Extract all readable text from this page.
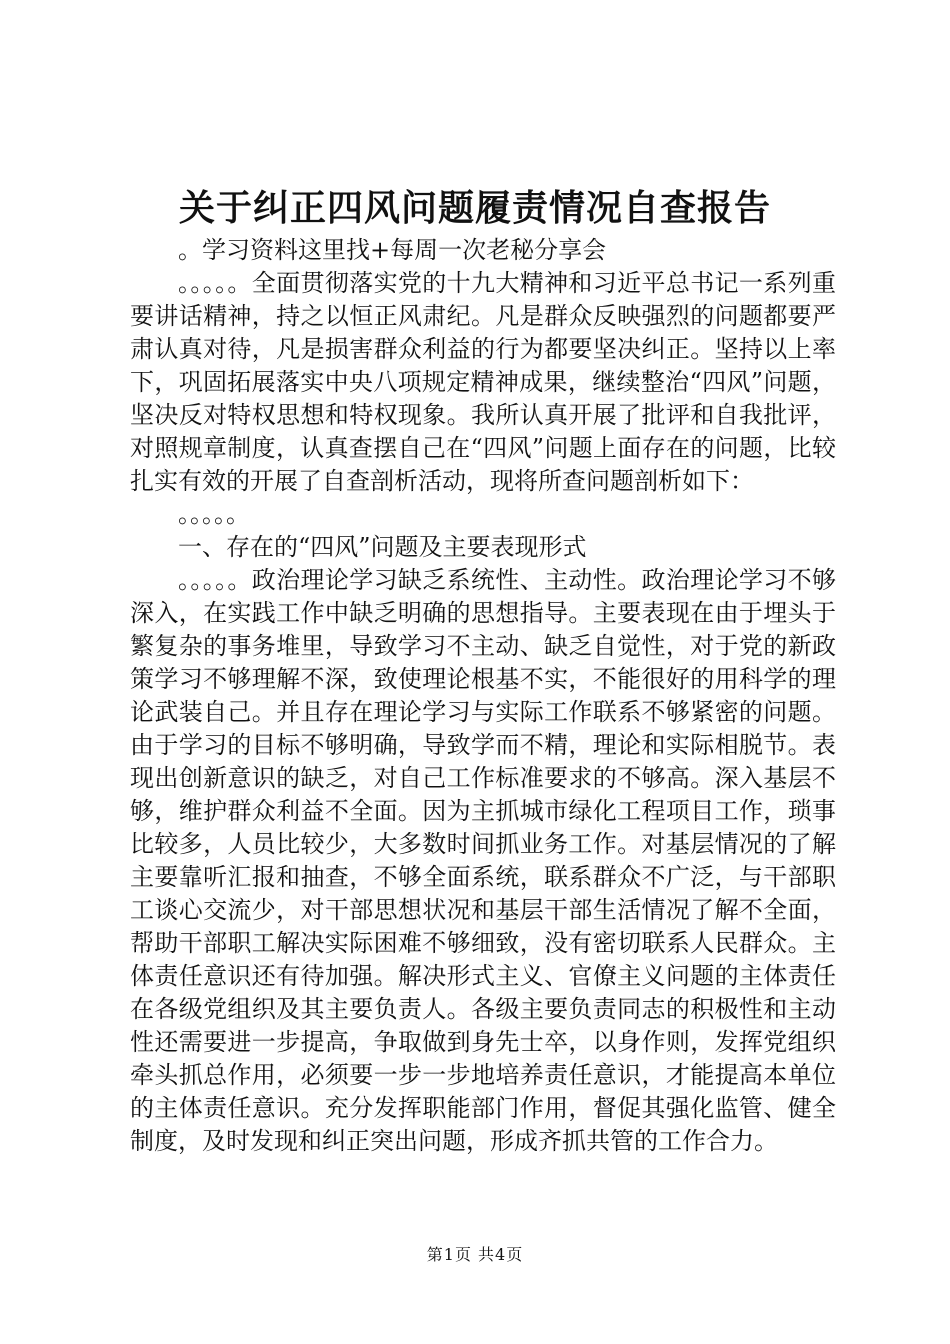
关于纠正四风问题履责情况自查报告

。学习资料这里找+每周一次老秘分享会

。。。。。全面贯彻落实党的十九大精神和习近平总书记一系列重要讲话精神，持之以恒正风肃纪。凡是群众反映强烈的问题都要严肃认真对待，凡是损害群众利益的行为都要坚决纠正。坚持以上率下，巩固拓展落实中央八项规定精神成果，继续整治“四风”问题，坚决反对特权思想和特权现象。我所认真开展了批评和自我批评，对照规章制度，认真查摆自己在“四风”问题上面存在的问题，比较扎实有效的开展了自查剖析活动，现将所查问题剖析如下：

。。。。。

一、存在的“四风”问题及主要表现形式

。。。。。政治理论学习缺乏系统性、主动性。政治理论学习不够深入，在实践工作中缺乏明确的思想指导。主要表现在由于埋头于繁复杂的事务堆里，导致学习不主动、缺乏自觉性，对于党的新政策学习不够理解不深，致使理论根基不实，不能很好的用科学的理论武装自己。并且存在理论学习与实际工作联系不够紧密的问题。由于学习的目标不够明确，导致学而不精，理论和实际相脱节。表现出创新意识的缺乏，对自己工作标准要求的不够高。深入基层不够，维护群众利益不全面。因为主抓城市绿化工程项目工作，琐事比较多，人员比较少，大多数时间抓业务工作。对基层情况的了解主要靠听汇报和抽查，不够全面系统，联系群众不广泛，与干部职工谈心交流少，对干部思想状况和基层干部生活情况了解不全面，帮助干部职工解决实际困难不够细致，没有密切联系人民群众。主体责任意识还有待加强。解决形式主义、官僚主义问题的主体责任在各级党组织及其主要负责人。各级主要负责同志的积极性和主动性还需要进一步提高，争取做到身先士卒，以身作则，发挥党组织牵头抓总作用，必须要一步一步地培养责任意识，才能提高本单位的主体责任意识。充分发挥职能部门作用，督促其强化监管、健全制度，及时发现和纠正突出问题，形成齐抓共管的工作合力。

第1页 共4页
